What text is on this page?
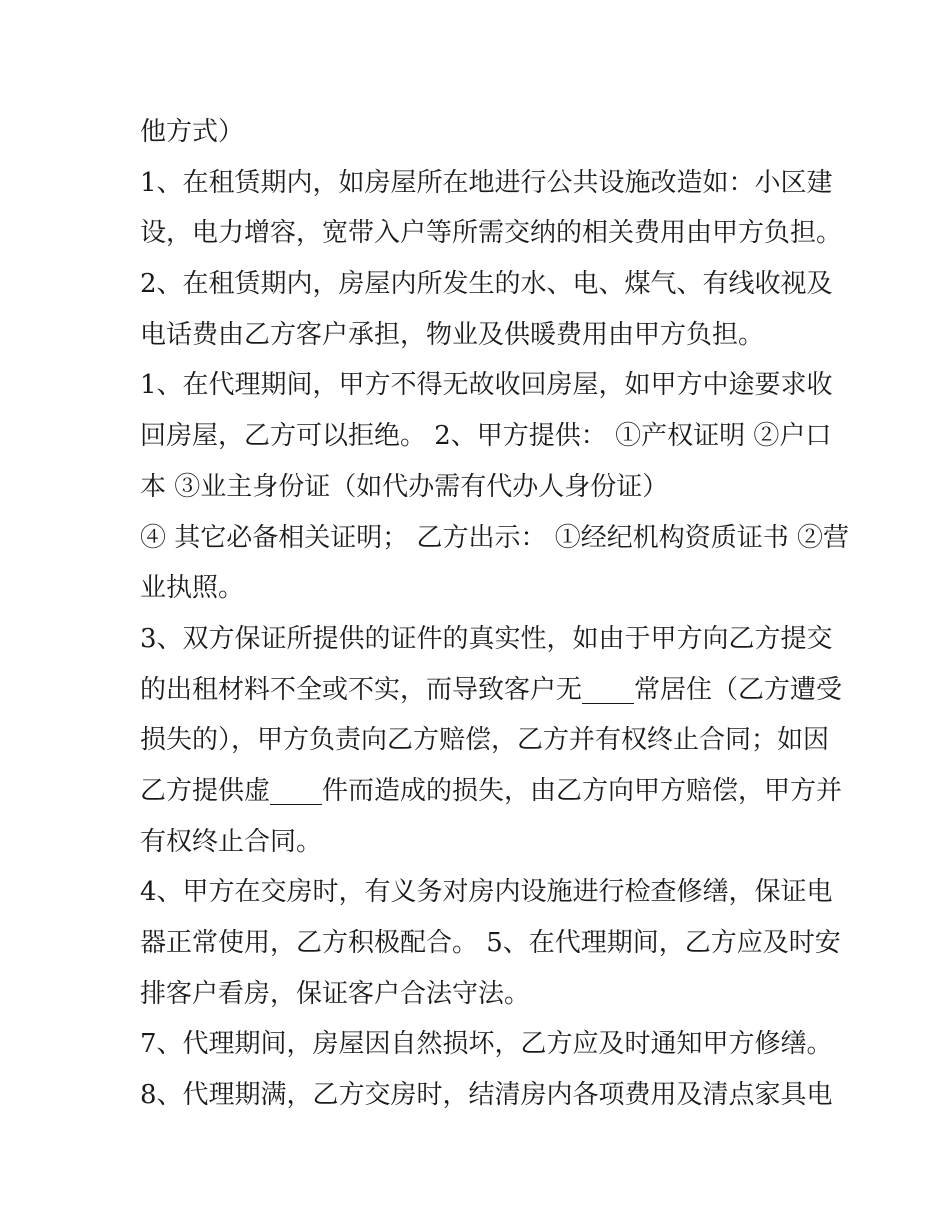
他方式）
1、在租赁期内，如房屋所在地进行公共设施改造如：小区建
设，电力增容，宽带入户等所需交纳的相关费用由甲方负担。
2、在租赁期内，房屋内所发生的水、电、煤气、有线收视及
电话费由乙方客户承担，物业及供暖费用由甲方负担。
1、在代理期间，甲方不得无故收回房屋，如甲方中途要求收
回房屋，乙方可以拒绝。 2、甲方提供： ①产权证明 ②户口
本 ③业主身份证（如代办需有代办人身份证）
④ 其它必备相关证明； 乙方出示： ①经纪机构资质证书 ②营
业执照。
3、双方保证所提供的证件的真实性，如由于甲方向乙方提交
的出租材料不全或不实，而导致客户无____常居住（乙方遭受
损失的），甲方负责向乙方赔偿，乙方并有权终止合同；如因
乙方提供虚____件而造成的损失，由乙方向甲方赔偿，甲方并
有权终止合同。
4、甲方在交房时，有义务对房内设施进行检查修缮，保证电
器正常使用，乙方积极配合。 5、在代理期间，乙方应及时安
排客户看房，保证客户合法守法。
7、代理期间，房屋因自然损坏，乙方应及时通知甲方修缮。
8、代理期满，乙方交房时，结清房内各项费用及清点家具电
